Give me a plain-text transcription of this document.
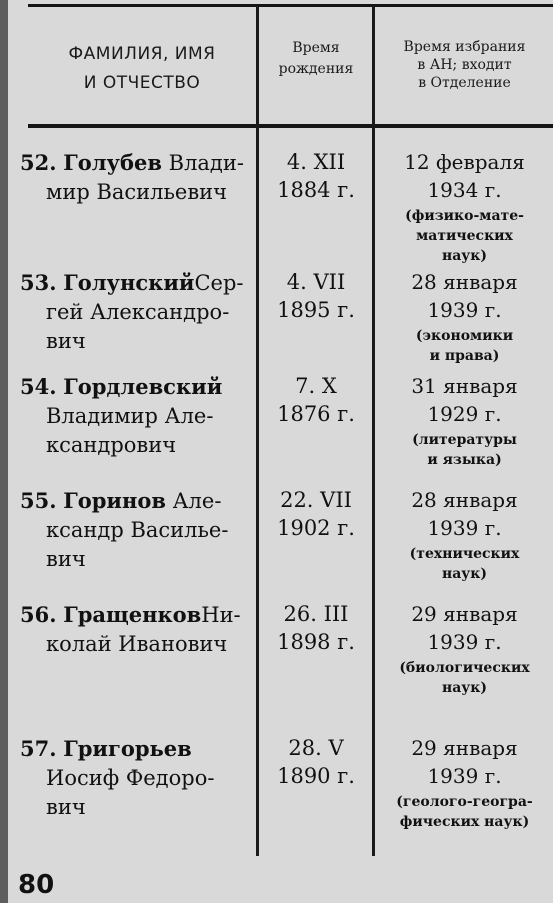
ФАМИЛИЯ, ИМЯ
И ОТЧЕСТВО
Время
рождения
Время избрания
в АН; входит
в Отделение
52. Голубев Влади-
мир Васильевич
4. XII
1884 г.
12 февраля
1934 г.
(физико-мате-
матических
наук)
53. ГолунскийСер-
гей Александро-
вич
4. VII
1895 г.
28 января
1939 г.
(экономики
и права)
54. Гордлевский
Владимир Але-
ксандрович
7. X
1876 г.
31 января
1929 г.
(литературы
и языка)
55. Горинов Але-
ксандр Василье-
вич
22. VII
1902 г.
28 января
1939 г.
(технических
наук)
56. ГращенковНи-
колай Иванович
26. III
1898 г.
29 января
1939 г.
(биологических
наук)
57. Григорьев
Иосиф Федоро-
вич
28. V
1890 г.
29 января
1939 г.
(геолого-геогра-
фических наук)
80
